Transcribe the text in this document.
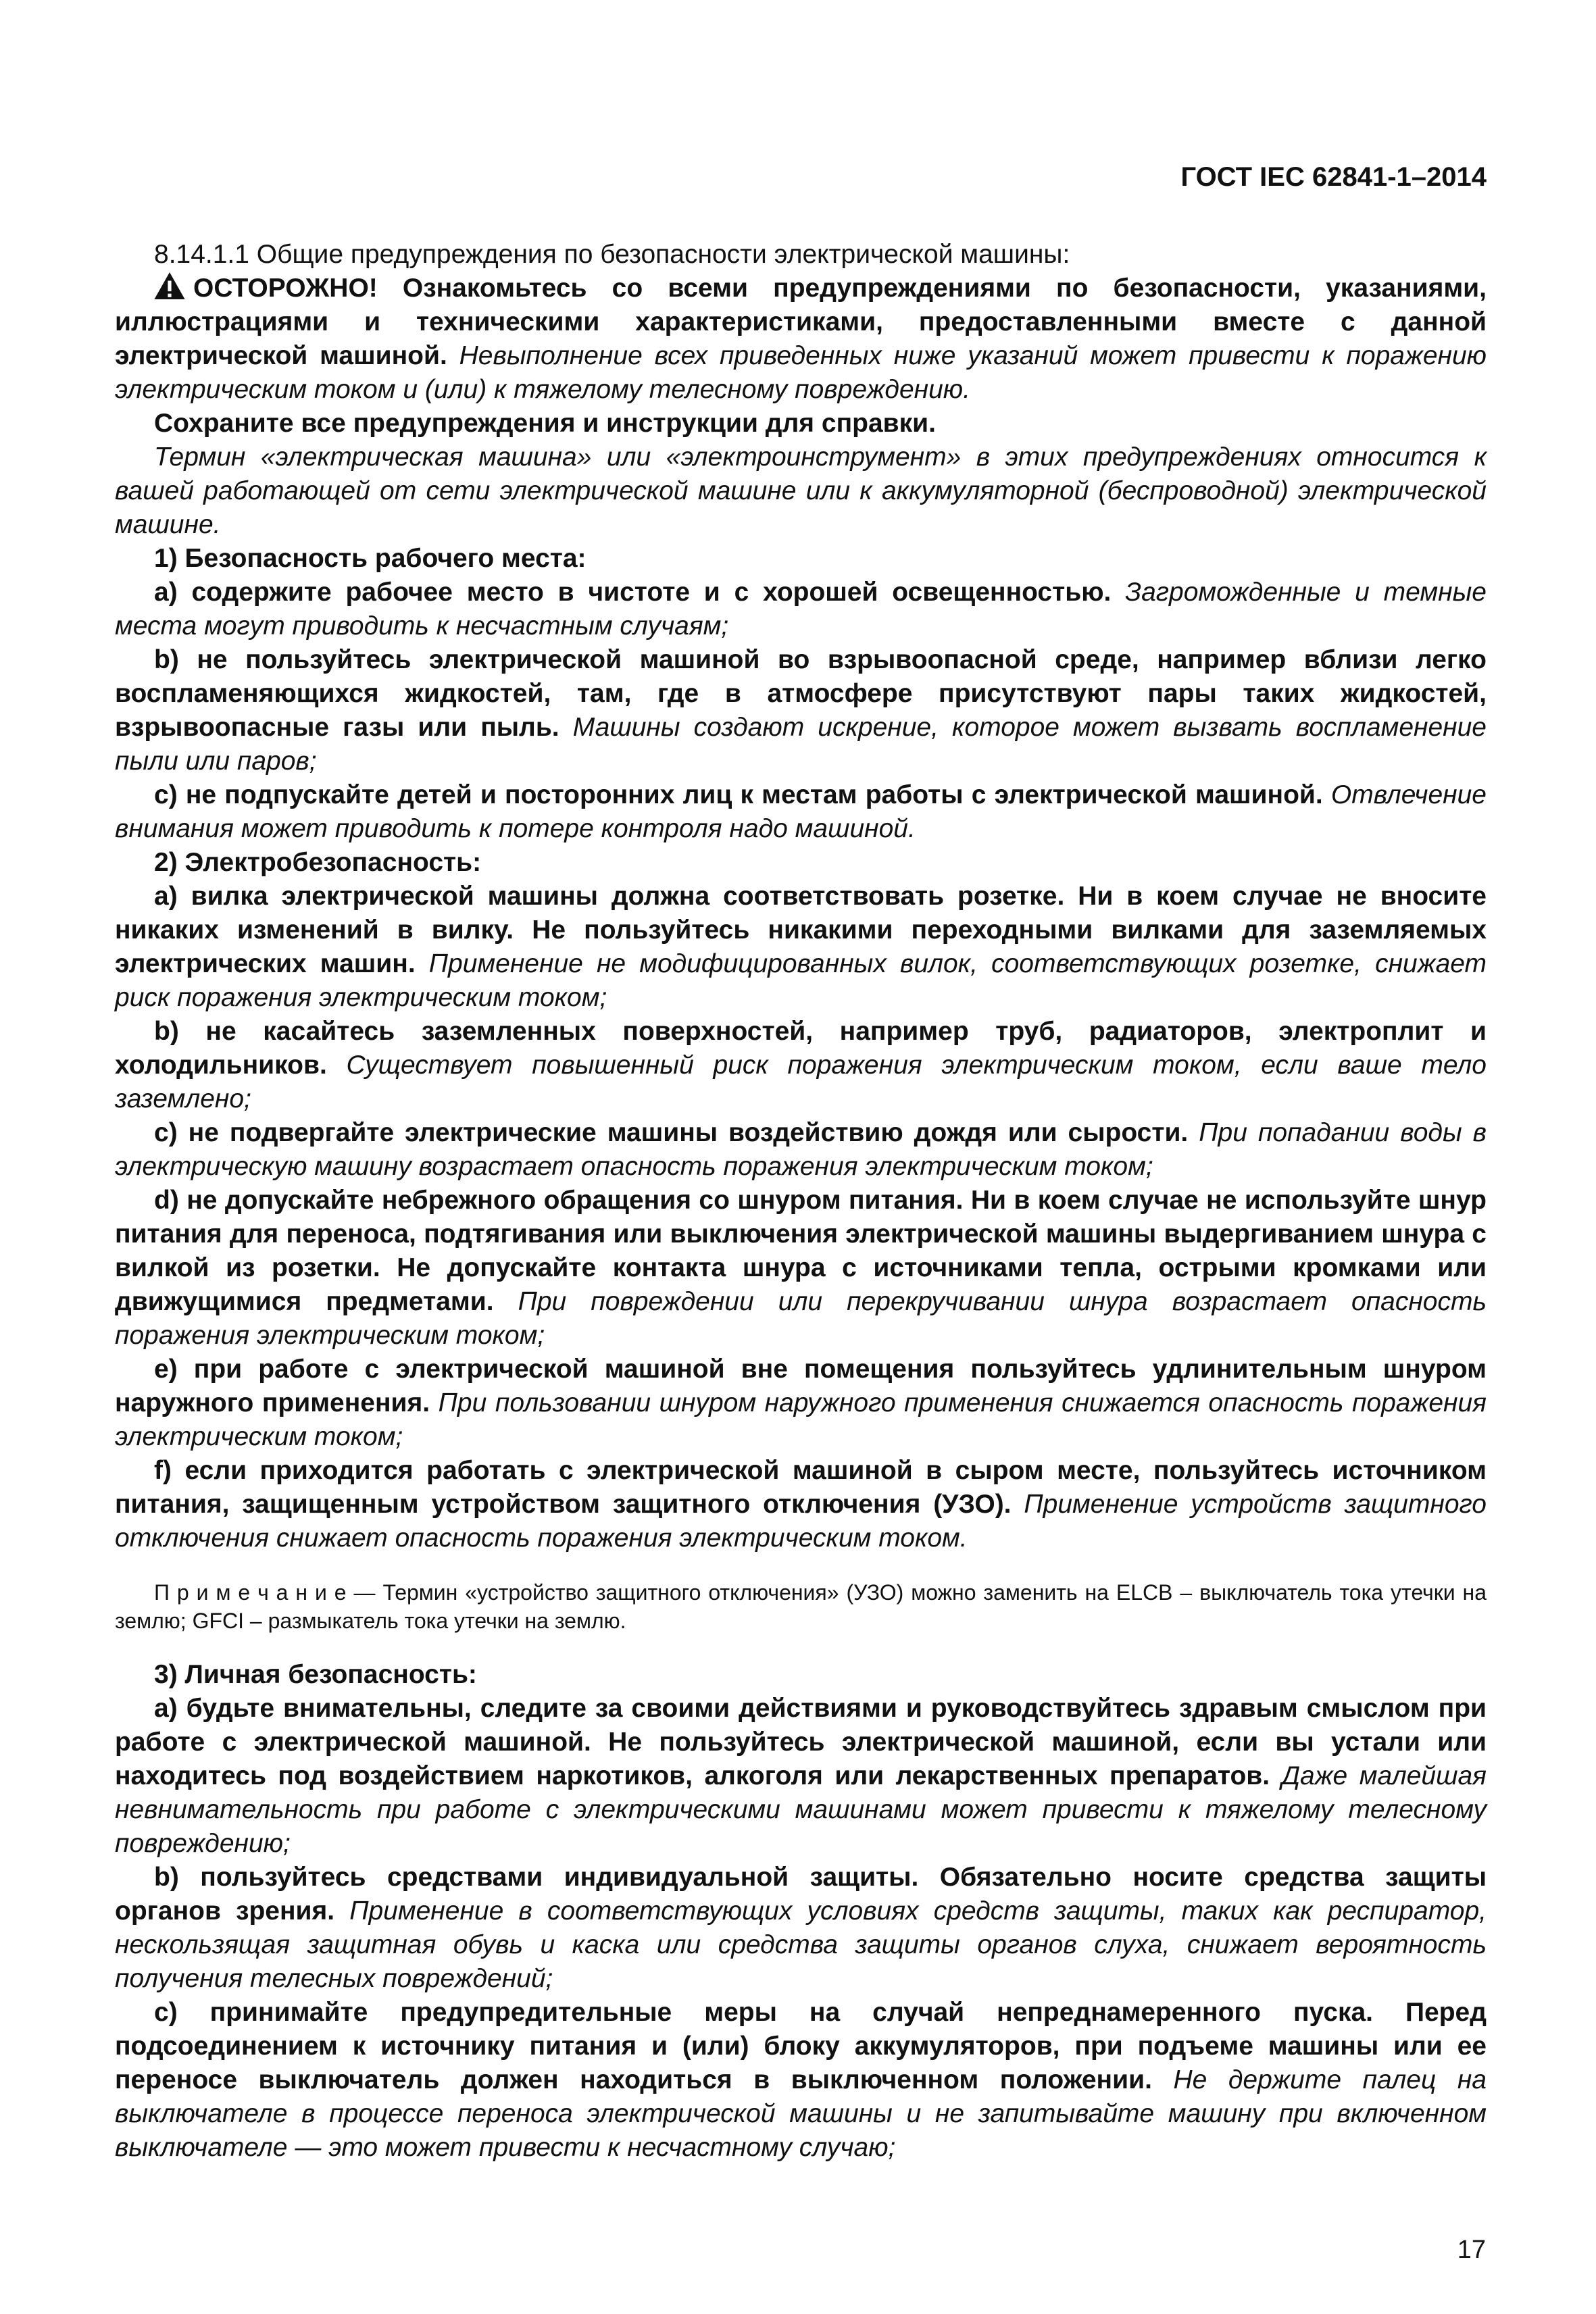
ГОСТ IEC 62841-1–2014

8.14.1.1 Общие предупреждения по безопасности электрической машины:

ОСТОРОЖНО! Ознакомьтесь со всеми предупреждениями по безопасности, указаниями, иллюстрациями и техническими характеристиками, предоставленными вместе с данной электрической машиной. Невыполнение всех приведенных ниже указаний может привести к поражению электрическим током и (или) к тяжелому телесному повреждению.

Сохраните все предупреждения и инструкции для справки.

Термин «электрическая машина» или «электроинструмент» в этих предупреждениях относится к вашей работающей от сети электрической машине или к аккумуляторной (беспроводной) электрической машине.

1) Безопасность рабочего места:

a) содержите рабочее место в чистоте и с хорошей освещенностью. Загроможденные и темные места могут приводить к несчастным случаям;

b) не пользуйтесь электрической машиной во взрывоопасной среде, например вблизи легко воспламеняющихся жидкостей, там, где в атмосфере присутствуют пары таких жидкостей, взрывоопасные газы или пыль. Машины создают искрение, которое может вызвать воспламенение пыли или паров;

c) не подпускайте детей и посторонних лиц к местам работы с электрической машиной. Отвлечение внимания может приводить к потере контроля надо машиной.

2) Электробезопасность:

a) вилка электрической машины должна соответствовать розетке. Ни в коем случае не вносите никаких изменений в вилку. Не пользуйтесь никакими переходными вилками для заземляемых электрических машин. Применение не модифицированных вилок, соответствующих розетке, снижает риск поражения электрическим током;

b) не касайтесь заземленных поверхностей, например труб, радиаторов, электроплит и холодильников. Существует повышенный риск поражения электрическим током, если ваше тело заземлено;

c) не подвергайте электрические машины воздействию дождя или сырости. При попадании воды в электрическую машину возрастает опасность поражения электрическим током;

d) не допускайте небрежного обращения со шнуром питания. Ни в коем случае не используйте шнур питания для переноса, подтягивания или выключения электрической машины выдергиванием шнура с вилкой из розетки. Не допускайте контакта шнура с источниками тепла, острыми кромками или движущимися предметами. При повреждении или перекручивании шнура возрастает опасность поражения электрическим током;

e) при работе с электрической машиной вне помещения пользуйтесь удлинительным шнуром наружного применения. При пользовании шнуром наружного применения снижается опасность поражения электрическим током;

f) если приходится работать с электрической машиной в сыром месте, пользуйтесь источником питания, защищенным устройством защитного отключения (УЗО). Применение устройств защитного отключения снижает опасность поражения электрическим током.

П р и м е ч а н и е — Термин «устройство защитного отключения» (УЗО) можно заменить на ELCB – выключатель тока утечки на землю; GFCI – размыкатель тока утечки на землю.

3) Личная безопасность:

a) будьте внимательны, следите за своими действиями и руководствуйтесь здравым смыслом при работе с электрической машиной. Не пользуйтесь электрической машиной, если вы устали или находитесь под воздействием наркотиков, алкоголя или лекарственных препаратов. Даже малейшая невнимательность при работе с электрическими машинами может привести к тяжелому телесному повреждению;

b) пользуйтесь средствами индивидуальной защиты. Обязательно носите средства защиты органов зрения. Применение в соответствующих условиях средств защиты, таких как респиратор, нескользящая защитная обувь и каска или средства защиты органов слуха, снижает вероятность получения телесных повреждений;

c) принимайте предупредительные меры на случай непреднамеренного пуска. Перед подсоединением к источнику питания и (или) блоку аккумуляторов, при подъеме машины или ее переносе выключатель должен находиться в выключенном положении. Не держите палец на выключателе в процессе переноса электрической машины и не запитывайте машину при включенном выключателе — это может привести к несчастному случаю;

17
